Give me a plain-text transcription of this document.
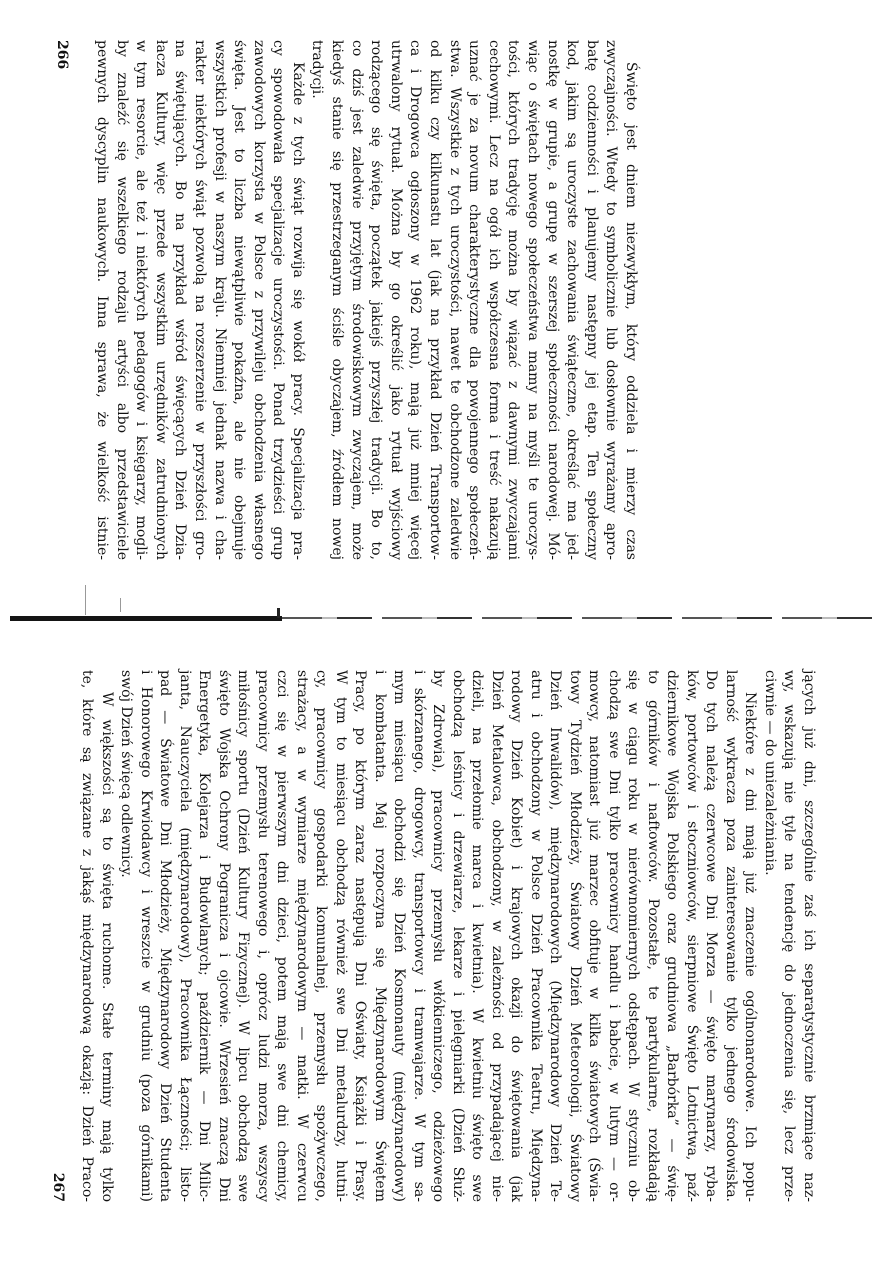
Święto jest dniem niezwykłym, który oddziela i mierzy czas
zwyczajności. Wtedy to symbolicznie lub dosłownie wyrażamy apro-
batę codzienności i planujemy następny jej etap. Ten społeczny
kod, jakim są uroczyste zachowania świąteczne, określać ma jed-
nostkę w grupie, a grupę w szerszej społeczności narodowej. Mó-
wiąc o świętach nowego społeczeństwa mamy na myśli te uroczys-
tości, których tradycję można by wiązać z dawnymi zwyczajami
cechowymi. Lecz na ogół ich współczesna forma i treść nakazują
uznać je za novum charakterystyczne dla powojennego społeczeń-
stwa. Wszystkie z tych uroczystości, nawet te obchodzone zaledwie
od kilku czy kilkunastu lat (jak na przykład Dzień Transportow-
ca i Drogowca ogłoszony w 1962 roku), mają już mniej więcej
utrwalony rytuał. Można by go określić jako rytuał wyjściowy
rodzącego się święta, początek jakiejś przyszłej tradycji. Bo to,
co dziś jest zaledwie przyjętym środowiskowym zwyczajem, może
kiedyś stanie się przestrzeganym ściśle obyczajem, źródłem nowej
tradycji.
Każde z tych świąt rozwija się wokół pracy. Specjalizacja pra-
cy spowodowała specjalizacje uroczystości. Ponad trzydzieści grup
zawodowych korzysta w Polsce z przywileju obchodzenia własnego
święta. Jest to liczba niewątpliwie pokaźna, ale nie obejmuje
wszystkich profesji w naszym kraju. Niemniej jednak nazwa i cha-
rakter niektórych świąt pozwolą na rozszerzenie w przyszłości gro-
na świętujących. Bo na przykład wśród święcących Dzień Dzia-
łacza Kultury, więc przede wszystkim urzędników zatrudnionych
w tym resorcie, ale też i niektórych pedagogów i księgarzy, mogli-
by znaleźć się wszelkiego rodzaju artyści albo przedstawiciele
pewnych dyscyplin naukowych. Inna sprawa, że wielkość istnie-
266
jących już dni, szczególnie zaś ich separatystycznie brzmiące naz-
wy, wskazują nie tyle na tendencję do jednoczenia się, lecz prze-
ciwnie — do uniezależniania.
Niektóre z dni mają już znaczenie ogólnonarodowe. Ich popu-
larność wykracza poza zainteresowanie tylko jednego środowiska.
Do tych należą czerwcowe Dni Morza — święto marynarzy, ryba-
ków, portowców i stoczniowców, sierpniowe Święto Lotnictwa, paź-
dziernikowe Wojska Polskiego oraz grudniowa „Barbórka” — świę-
to górników i naftowców. Pozostałe, te partykularne, rozkładają
się w ciągu roku w nierównomiernych odstępach. W styczniu ob-
chodzą swe Dni tylko pracownicy handlu i babcie, w lutym — or-
mowcy, natomiast już marzec obfituje w kilka światowych (Świa-
towy Tydzień Młodzieży, Światowy Dzień Meteorologii, Światowy
Dzień Inwalidów), międzynarodowych (Międzynarodowy Dzień Te-
atru i obchodzony w Polsce Dzień Pracownika Teatru, Międzyna-
rodowy Dzień Kobiet) i krajowych okazji do świętowania (jak
Dzień Metalowca, obchodzony, w zależności od przypadającej nie-
dzieli, na przełomie marca i kwietnia). W kwietniu święto swe
obchodzą leśnicy i drzewiarze, lekarze i pielęgniarki (Dzień Służ-
by Zdrowia), pracownicy przemysłu włókienniczego, odzieżowego
i skórzanego, drogowcy, transportowcy i tramwajarze. W tym sa-
mym miesiącu obchodzi się Dzień Kosmonauty (międzynarodowy)
i kombatanta. Maj rozpoczyna się Międzynarodowym Świętem
Pracy, po którym zaraz następują Dni Oświaty, Książki i Prasy.
W tym to miesiącu obchodzą również swe Dni metalurdzy, hutni-
cy, pracownicy gospodarki komunalnej, przemysłu spożywczego,
strażacy, a w wymiarze międzynarodowym — matki. W czerwcu
czci się w pierwszym dni dzieci, potem mają swe dni chemicy,
pracownicy przemysłu terenowego i, oprócz ludzi morza, wszyscy
miłośnicy sportu (Dzień Kultury Fizycznej). W lipcu obchodzą swe
święto Wojska Ochrony Pogranicza i ojcowie. Wrzesień znaczą Dni
Energetyka, Kolejarza i Budowlanych; październik — Dni Milic-
janta, Nauczyciela (międzynarodowy), Pracownika Łączności; listo-
pad — Światowe Dni Młodzieży, Międzynarodowy Dzień Studenta
i Honorowego Krwiodawcy i wreszcie w grudniu (poza górnikami)
swój Dzień święcą odlewnicy.
W większości są to święta ruchome. Stałe terminy mają tylko
te, które są związane z jakąś międzynarodową okazją: Dzień Praco-
267
